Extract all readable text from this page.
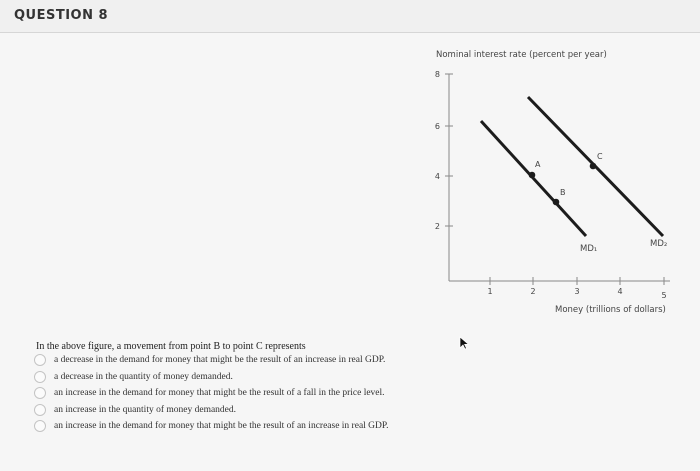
QUESTION 8
Nominal interest rate (percent per year)
Money (trillions of dollars)
8
6
4
2
1	2	3	4	5
A
B
C
MD₁	MD₂
In the above figure, a movement from point B to point C represents
a decrease in the demand for money that might be the result of an increase in real GDP.
a decrease in the quantity of money demanded.
an increase in the demand for money that might be the result of a fall in the price level.
an increase in the quantity of money demanded.
an increase in the demand for money that might be the result of an increase in real GDP.
